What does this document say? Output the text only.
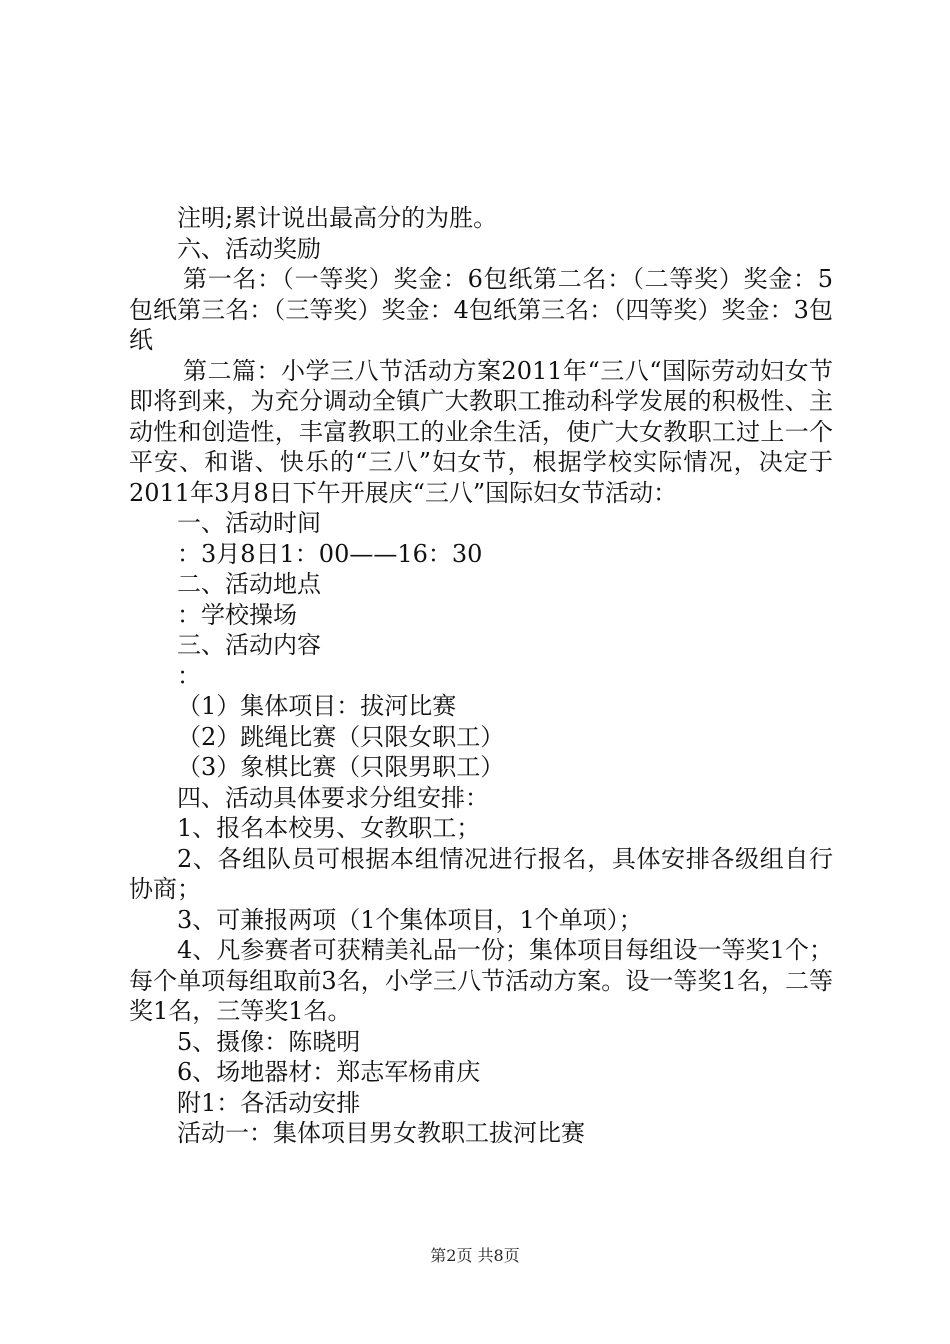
注明;累计说出最高分的为胜。

六、活动奖励

第一名：（一等奖）奖金：6包纸第二名：（二等奖）奖金：5包纸第三名：（三等奖）奖金：4包纸第三名：（四等奖）奖金：3包纸

第二篇：小学三八节活动方案2011年“三八“国际劳动妇女节即将到来，为充分调动全镇广大教职工推动科学发展的积极性、主动性和创造性，丰富教职工的业余生活，使广大女教职工过上一个平安、和谐、快乐的“三八”妇女节，根据学校实际情况，决定于2011年3月8日下午开展庆“三八”国际妇女节活动：

一、活动时间

：3月8日1：00——16：30

二、活动地点

：学校操场

三、活动内容

：

（1）集体项目：拔河比赛

（2）跳绳比赛（只限女职工）

（3）象棋比赛（只限男职工）

四、活动具体要求分组安排：

1、报名本校男、女教职工；

2、各组队员可根据本组情况进行报名，具体安排各级组自行协商；

3、可兼报两项（1个集体项目，1个单项）；

4、凡参赛者可获精美礼品一份；集体项目每组设一等奖1个；每个单项每组取前3名，小学三八节活动方案。设一等奖1名，二等奖1名，三等奖1名。

5、摄像：陈晓明

6、场地器材：郑志军杨甫庆

附1：各活动安排

活动一：集体项目男女教职工拔河比赛

第2页 共8页
